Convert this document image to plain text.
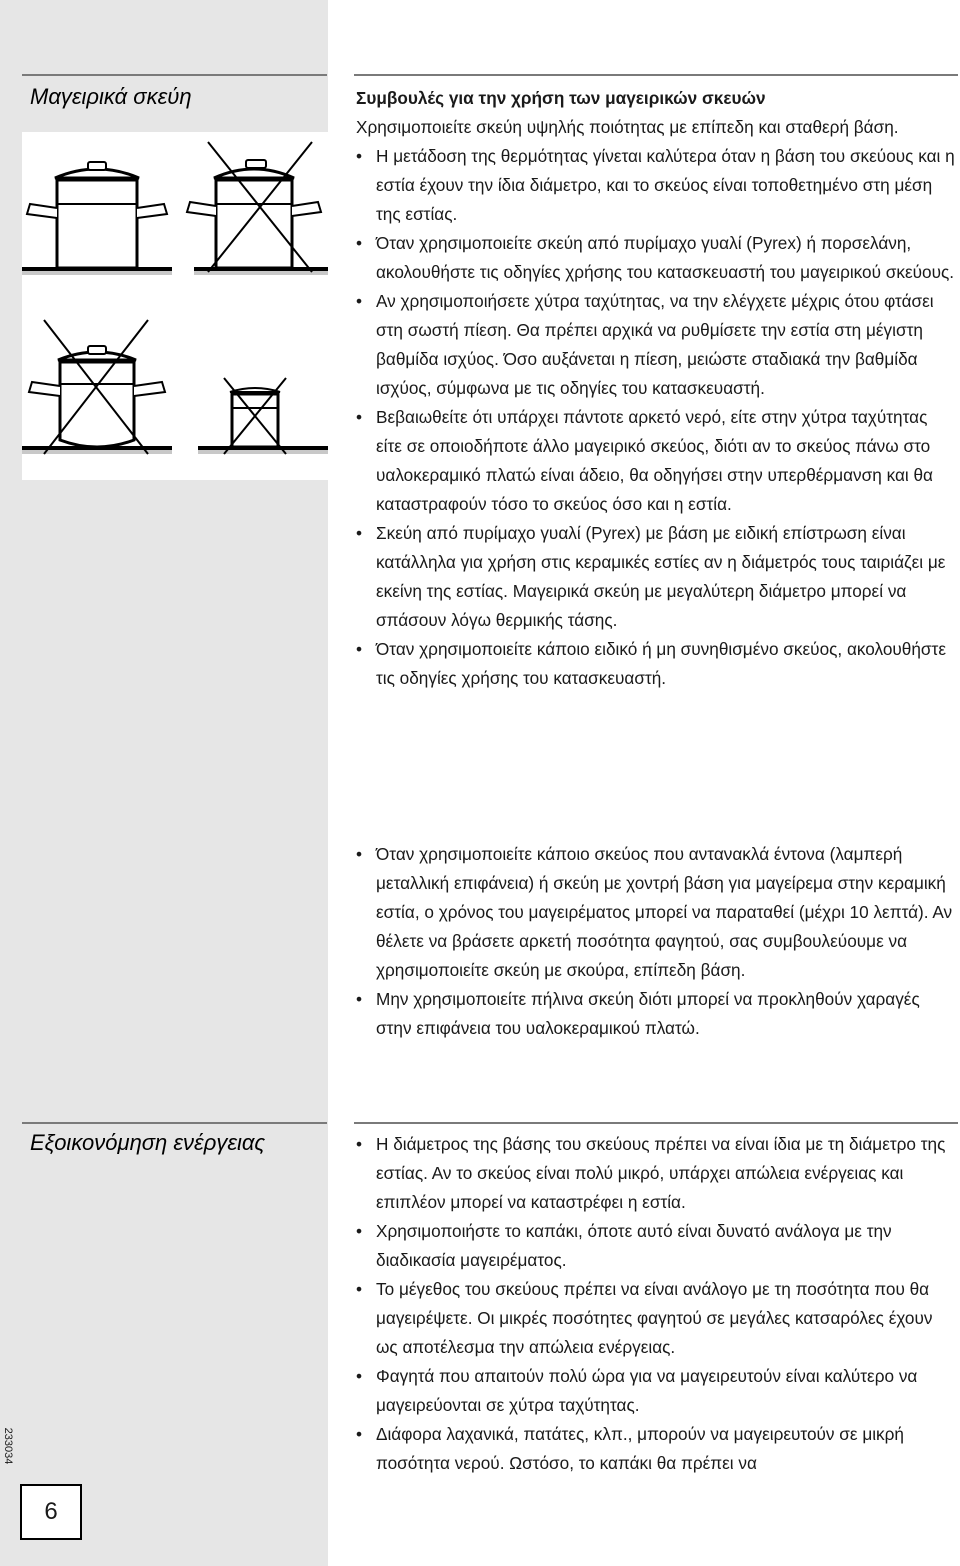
Μαγειρικά σκεύη
Εξοικονόμηση ενέργειας

Συμβουλές για την χρήση των μαγειρικών σκευών

Χρησιμοποιείτε σκεύη υψηλής ποιότητας με επίπεδη και σταθερή βάση.

• Η μετάδοση της θερμότητας γίνεται καλύτερα όταν η βάση του σκεύους και η εστία έχουν την ίδια διάμετρο, και το σκεύος είναι τοποθετημένο στη μέση της εστίας.
• Όταν χρησιμοποιείτε σκεύη από πυρίμαχο γυαλί (Pyrex) ή πορσελάνη, ακολουθήστε τις οδηγίες χρήσης του κατασκευαστή του μαγειρικού σκεύους.
• Αν χρησιμοποιήσετε χύτρα ταχύτητας, να την ελέγχετε μέχρις ότου φτάσει στη σωστή πίεση. Θα πρέπει αρχικά να ρυθμίσετε την εστία στη μέγιστη βαθμίδα ισχύος. Όσο αυξάνεται η πίεση, μειώστε σταδιακά την βαθμίδα ισχύος, σύμφωνα με τις οδηγίες του κατασκευαστή.
• Βεβαιωθείτε ότι υπάρχει πάντοτε αρκετό νερό, είτε στην χύτρα ταχύτητας είτε σε οποιοδήποτε άλλο μαγειρικό σκεύος, διότι αν το σκεύος πάνω στο υαλοκεραμικό πλατώ είναι άδειο, θα οδηγήσει στην υπερθέρμανση και θα καταστραφούν τόσο το σκεύος όσο και η εστία.
• Σκεύη από πυρίμαχο γυαλί (Pyrex) με βάση με ειδική επίστρωση είναι κατάλληλα για χρήση στις κεραμικές εστίες αν η διάμετρός τους ταιριάζει με εκείνη της εστίας. Μαγειρικά σκεύη με μεγαλύτερη διάμετρο μπορεί να σπάσουν λόγω θερμικής τάσης.
• Όταν χρησιμοποιείτε κάποιο ειδικό ή μη συνηθισμένο σκεύος, ακολουθήστε τις οδηγίες χρήσης του κατασκευαστή.
• Όταν χρησιμοποιείτε κάποιο σκεύος που αντανακλά έντονα (λαμπερή μεταλλική επιφάνεια) ή σκεύη με χοντρή βάση για μαγείρεμα στην κεραμική εστία, ο χρόνος του μαγειρέματος μπορεί να παραταθεί (μέχρι 10 λεπτά). Αν θέλετε να βράσετε αρκετή ποσότητα φαγητού, σας συμβουλεύουμε να χρησιμοποιείτε σκεύη με σκούρα, επίπεδη βάση.
• Μην χρησιμοποιείτε πήλινα σκεύη διότι μπορεί να προκληθούν χαραγές στην επιφάνεια του υαλοκεραμικού πλατώ.
• Η διάμετρος της βάσης του σκεύους πρέπει να είναι ίδια με τη διάμετρο της εστίας. Αν το σκεύος είναι πολύ μικρό, υπάρχει απώλεια ενέργειας και επιπλέον μπορεί να καταστρέφει η εστία.
• Χρησιμοποιήστε το καπάκι, όποτε αυτό είναι δυνατό ανάλογα με την διαδικασία μαγειρέματος.
• Το μέγεθος του σκεύους πρέπει να είναι ανάλογο με τη ποσότητα που θα μαγειρέψετε. Οι μικρές ποσότητες φαγητού σε μεγάλες κατσαρόλες έχουν ως αποτέλεσμα την απώλεια ενέργειας.
• Φαγητά που απαιτούν πολύ ώρα για να μαγειρευτούν είναι καλύτερο να μαγειρεύονται σε χύτρα ταχύτητας.
• Διάφορα λαχανικά, πατάτες, κλπ., μπορούν να μαγειρευτούν σε μικρή ποσότητα νερού. Ωστόσο, το καπάκι θα πρέπει να
233034
6
